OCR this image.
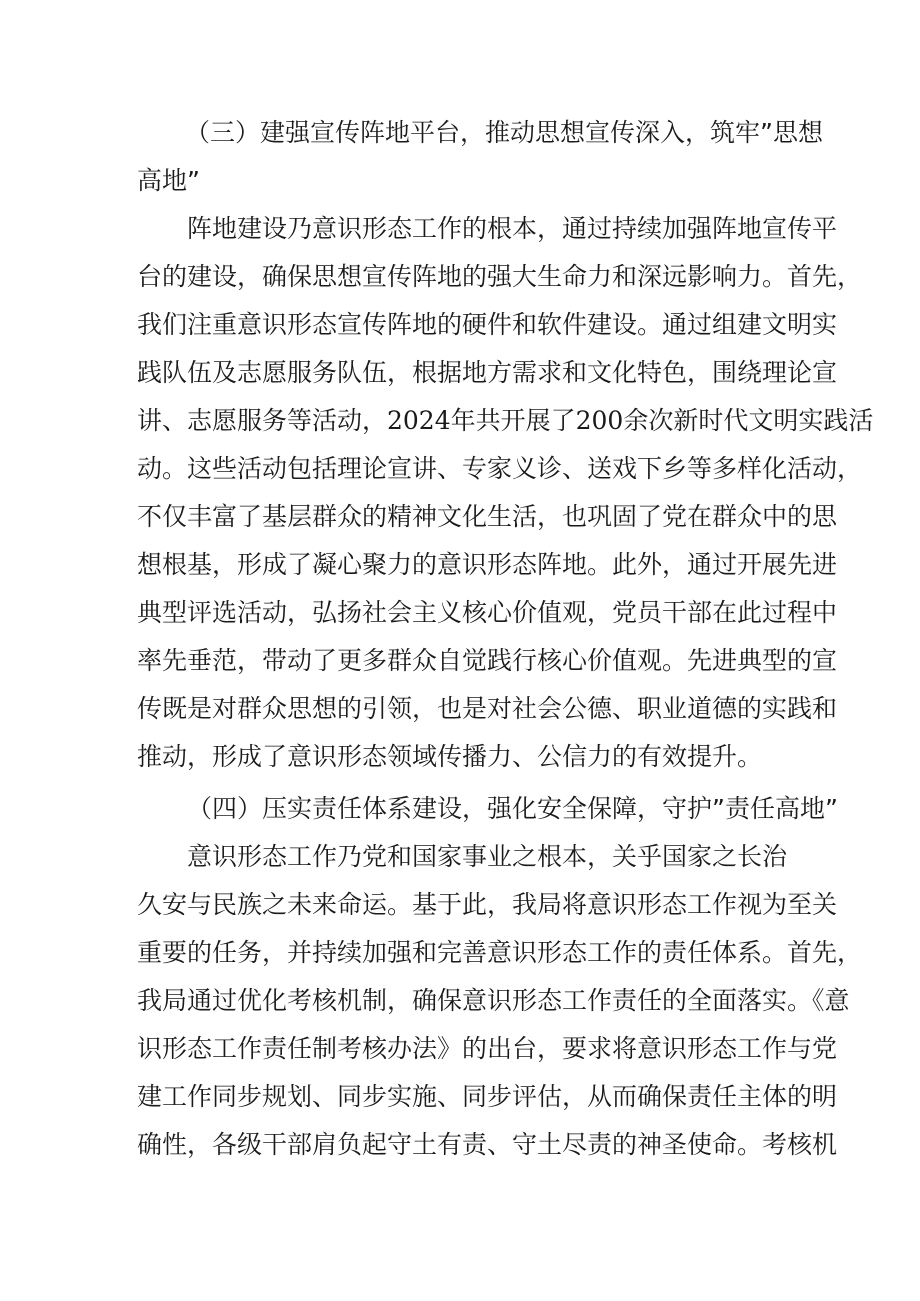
（三）建强宣传阵地平台，推动思想宣传深入，筑牢”思想
高地”
阵地建设乃意识形态工作的根本，通过持续加强阵地宣传平
台的建设，确保思想宣传阵地的强大生命力和深远影响力。首先，
我们注重意识形态宣传阵地的硬件和软件建设。通过组建文明实
践队伍及志愿服务队伍，根据地方需求和文化特色，围绕理论宣
讲、志愿服务等活动，2024年共开展了200余次新时代文明实践活
动。这些活动包括理论宣讲、专家义诊、送戏下乡等多样化活动，
不仅丰富了基层群众的精神文化生活，也巩固了党在群众中的思
想根基，形成了凝心聚力的意识形态阵地。此外，通过开展先进
典型评选活动，弘扬社会主义核心价值观，党员干部在此过程中
率先垂范，带动了更多群众自觉践行核心价值观。先进典型的宣
传既是对群众思想的引领，也是对社会公德、职业道德的实践和
推动，形成了意识形态领域传播力、公信力的有效提升。
（四）压实责任体系建设，强化安全保障，守护”责任高地”
意识形态工作乃党和国家事业之根本，关乎国家之长治
久安与民族之未来命运。基于此，我局将意识形态工作视为至关
重要的任务，并持续加强和完善意识形态工作的责任体系。首先，
我局通过优化考核机制，确保意识形态工作责任的全面落实。《意
识形态工作责任制考核办法》的出台，要求将意识形态工作与党
建工作同步规划、同步实施、同步评估，从而确保责任主体的明
确性，各级干部肩负起守土有责、守土尽责的神圣使命。考核机
